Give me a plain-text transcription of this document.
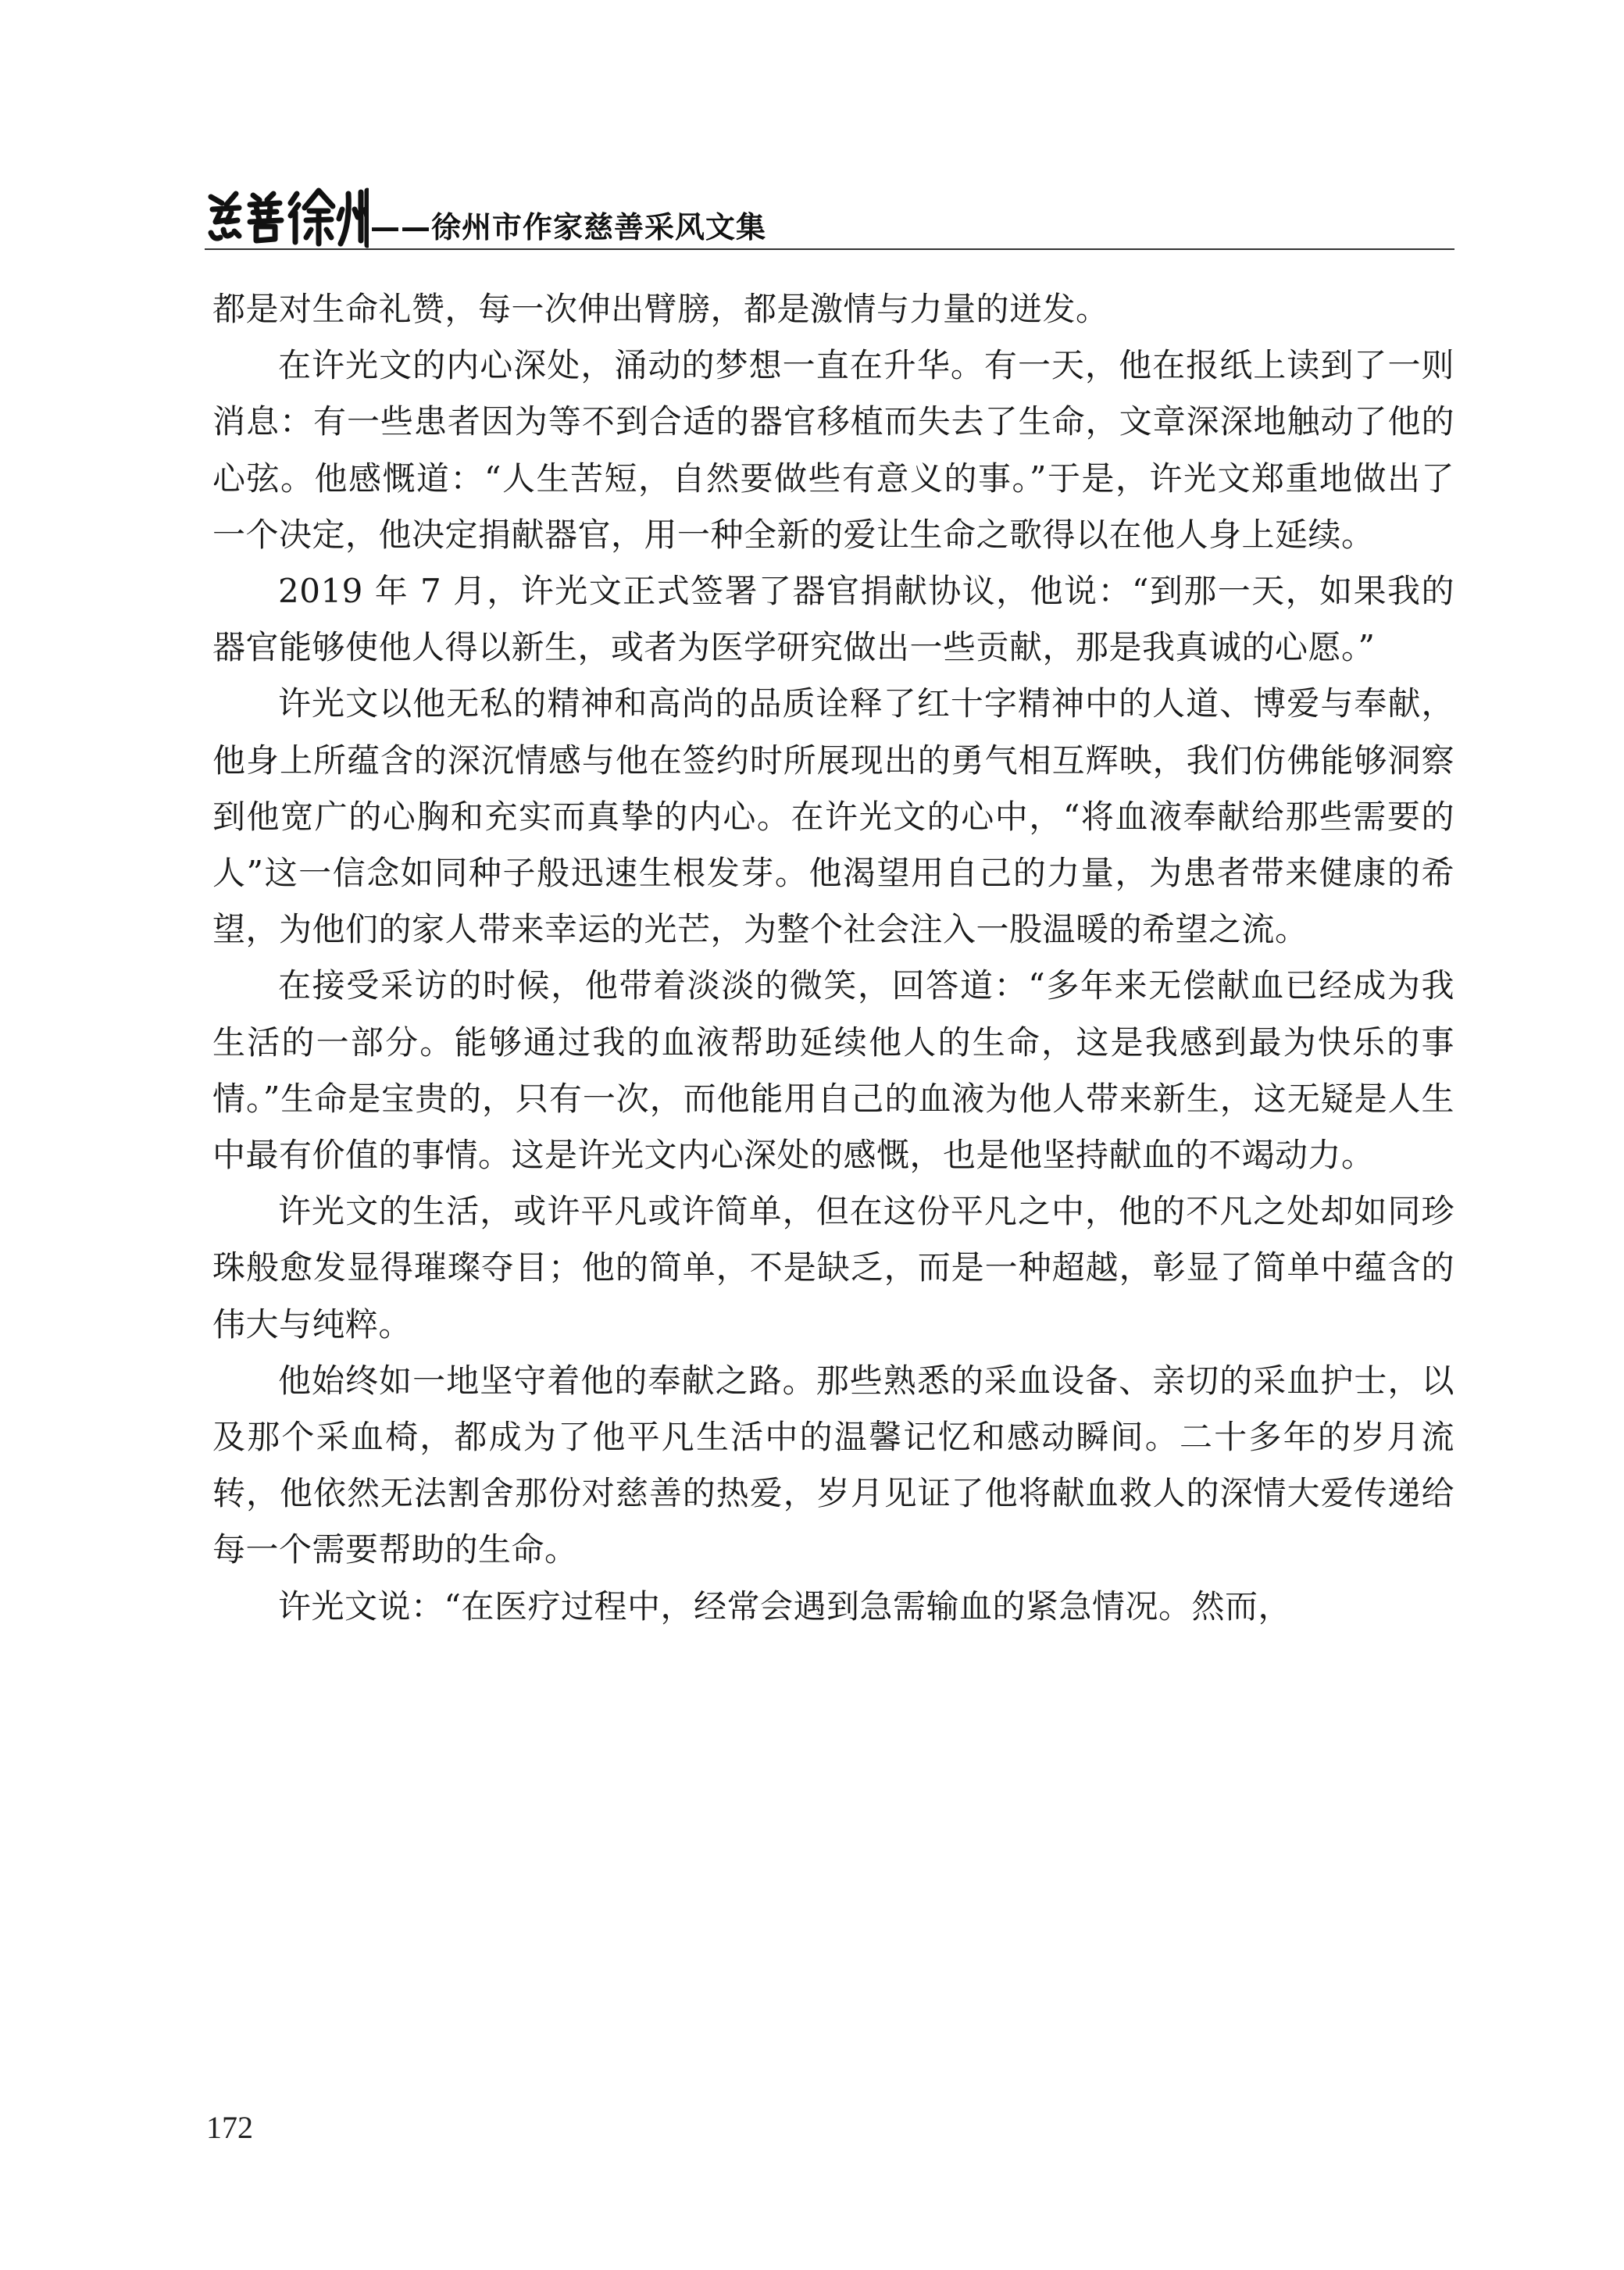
——徐州市作家慈善采风文集

都是对生命礼赞，每一次伸出臂膀，都是激情与力量的迸发。

在许光文的内心深处，涌动的梦想一直在升华。有一天，他在报纸上读到了一则消息：有一些患者因为等不到合适的器官移植而失去了生命，文章深深地触动了他的心弦。他感慨道：“人生苦短，自然要做些有意义的事。”于是，许光文郑重地做出了一个决定，他决定捐献器官，用一种全新的爱让生命之歌得以在他人身上延续。

2019 年 7 月，许光文正式签署了器官捐献协议，他说：“到那一天，如果我的器官能够使他人得以新生，或者为医学研究做出一些贡献，那是我真诚的心愿。”

许光文以他无私的精神和高尚的品质诠释了红十字精神中的人道、博爱与奉献，他身上所蕴含的深沉情感与他在签约时所展现出的勇气相互辉映，我们仿佛能够洞察到他宽广的心胸和充实而真挚的内心。在许光文的心中，“将血液奉献给那些需要的人”这一信念如同种子般迅速生根发芽。他渴望用自己的力量，为患者带来健康的希望，为他们的家人带来幸运的光芒，为整个社会注入一股温暖的希望之流。

在接受采访的时候，他带着淡淡的微笑，回答道：“多年来无偿献血已经成为我生活的一部分。能够通过我的血液帮助延续他人的生命，这是我感到最为快乐的事情。”生命是宝贵的，只有一次，而他能用自己的血液为他人带来新生，这无疑是人生中最有价值的事情。这是许光文内心深处的感慨，也是他坚持献血的不竭动力。

许光文的生活，或许平凡或许简单，但在这份平凡之中，他的不凡之处却如同珍珠般愈发显得璀璨夺目；他的简单，不是缺乏，而是一种超越，彰显了简单中蕴含的伟大与纯粹。

他始终如一地坚守着他的奉献之路。那些熟悉的采血设备、亲切的采血护士，以及那个采血椅，都成为了他平凡生活中的温馨记忆和感动瞬间。二十多年的岁月流转，他依然无法割舍那份对慈善的热爱，岁月见证了他将献血救人的深情大爱传递给每一个需要帮助的生命。

许光文说：“在医疗过程中，经常会遇到急需输血的紧急情况。然而，

172
